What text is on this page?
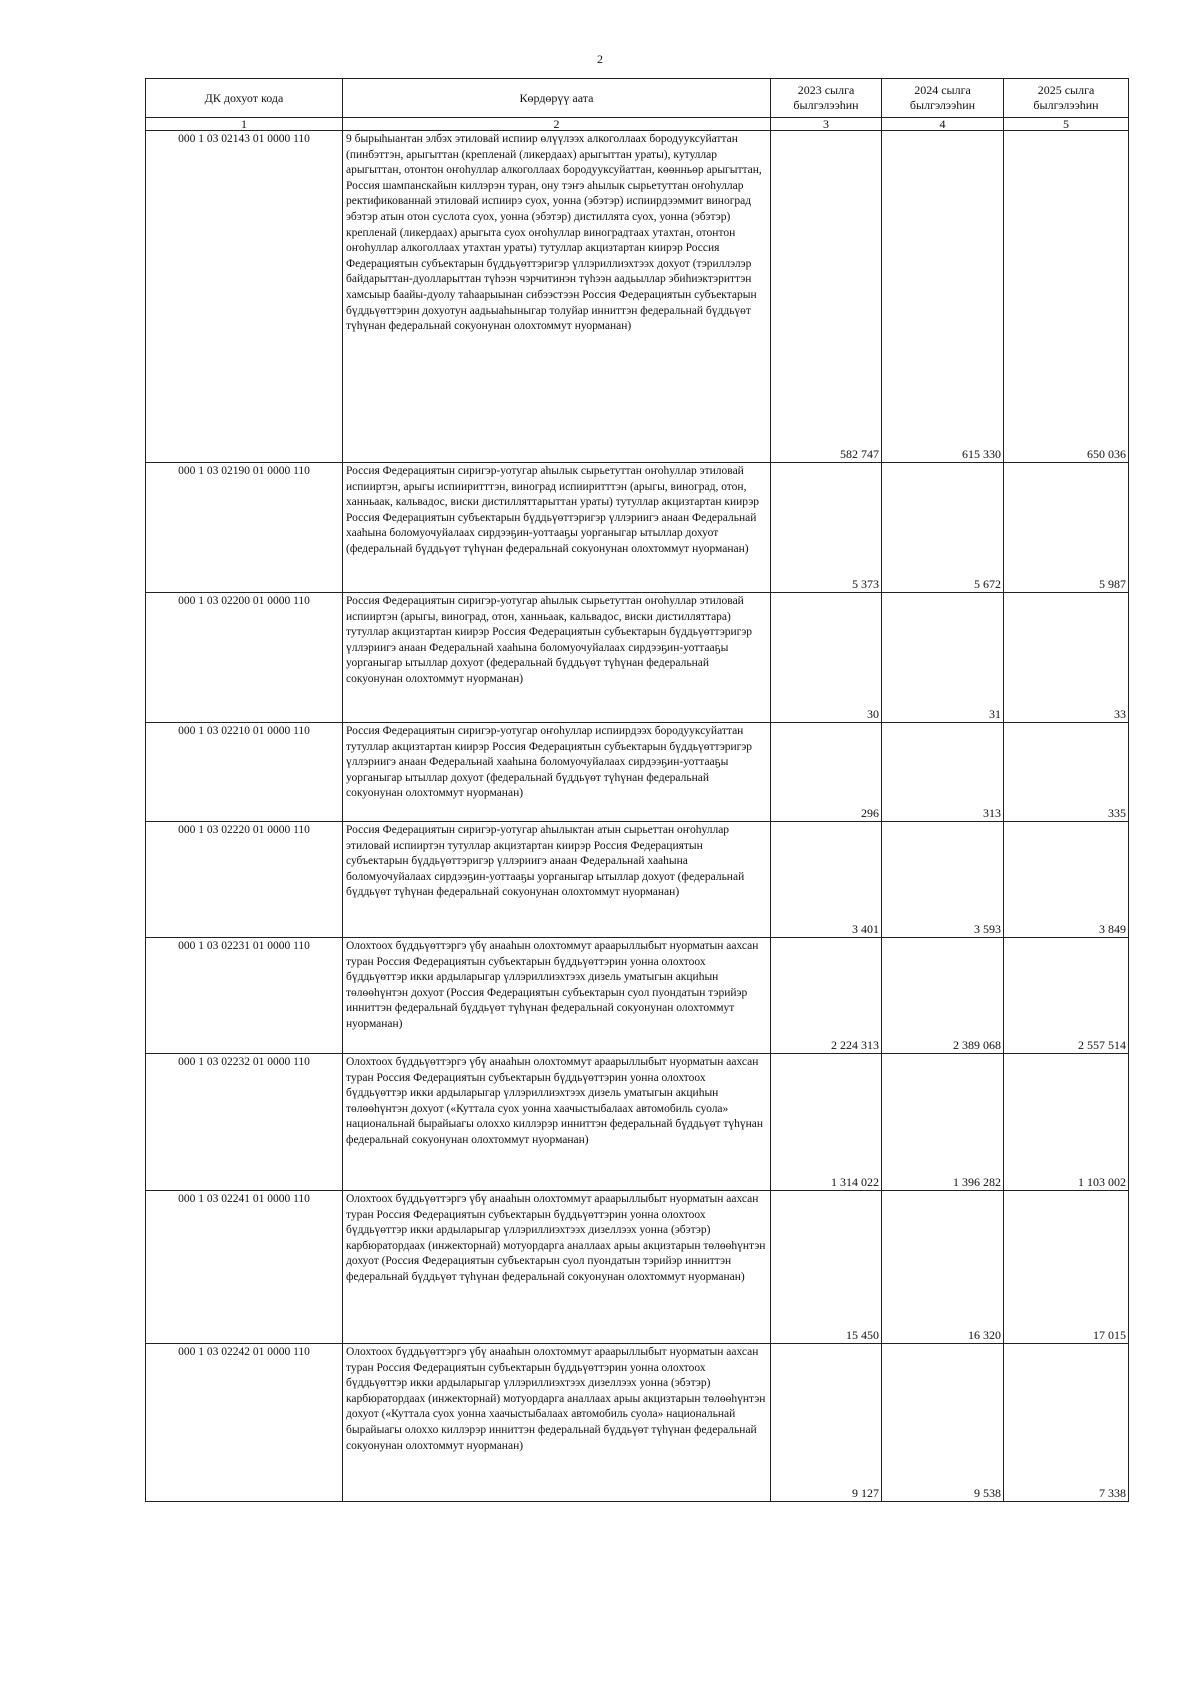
2
ДК дохуот кода	Көрдөрүү аата	2023 сылга былгэлээһин	2024 сылга былгэлээһин	2025 сылга былгэлээһин
1	2	3	4	5
000 1 03 02143 01 0000 110	9 бырыһыантан элбэх этиловай испиир өлүүлээх алкоголлаах бородууксуйаттан (пинбэттэн, арыгыттан (крепленай (ликердаах) арыгыттан ураты), кутуллар арыгыттан, отонтон оҥоһуллар алкоголлаах бородууксуйаттан, көөнньөр арыгыттан, Россия шампанскайын киллэрэн туран, ону тэҥэ аһылык сырьетуттан оҥоһуллар ректификованнай этиловай испиирэ суох, уонна (эбэтэр) испиирдээммит виноград эбэтэр атын отон суслота суох, уонна (эбэтэр) дистиллята суох, уонна (эбэтэр) крепленай (ликердаах) арыгыта суох оҥоһуллар виноградтаах утахтан, отонтон оҥоһуллар алкоголлаах утахтан ураты) тутуллар акцизтартан киирэр Россия Федерациятын субъектарын бүддьүөттэригэр үллэриллиэхтээх дохуот (тэриллэлэр байдарыттан-дуолларыттан түһээн чэрчитинэн түһээн аадьыллар эбиһиэктэриттэн хамсыыр баайы-дуолу таһаарыынан сибээстээн Россия Федерациятын субъектарын бүддьүөттэрин дохуотун аадьыаһыныгар толуйар инниттэн федеральнай бүддьүөт түһүнан федеральнай сокуонунан олохтоммут нуорманан)	582 747	615 330	650 036
000 1 03 02190 01 0000 110	Россия Федерациятын сиригэр-уотугар аһылык сырьетуттан оҥоһуллар этиловай испииртэн, арыгы испииритттэн, виноград испииритттэн (арыгы, виноград, отон, ханньаак, кальвадос, виски дистилляттарыттан ураты) тутуллар акцизтартан киирэр Россия Федерациятын субъектарын бүддьүөттэригэр үллэриигэ анаан Федеральнай хааһына боломуочуйалаах сирдээҕин-уоттааҕы уорганыгар ытыллар дохуот (федеральнай бүддьүөт түһүнан федеральнай сокуонунан олохтоммут нуорманан)	5 373	5 672	5 987
000 1 03 02200 01 0000 110	Россия Федерациятын сиригэр-уотугар аһылык сырьетуттан оҥоһуллар этиловай испииртэн (арыгы, виноград, отон, ханньаак, кальвадос, виски дистилляттара) тутуллар акцизтартан киирэр Россия Федерациятын субъектарын бүддьүөттэригэр үллэриигэ анаан Федеральнай хааһына боломуочуйалаах сирдээҕин-уоттааҕы уорганыгар ытыллар дохуот (федеральнай бүддьүөт түһүнан федеральнай сокуонунан олохтоммут нуорманан)	30	31	33
000 1 03 02210 01 0000 110	Россия Федерациятын сиригэр-уотугар оҥоһуллар испиирдээх бородууксуйаттан тутуллар акцизтартан киирэр Россия Федерациятын субъектарын бүддьүөттэригэр үллэриигэ анаан Федеральнай хааһына боломуочуйалаах сирдээҕин-уоттааҕы уорганыгар ытыллар дохуот (федеральнай бүддьүөт түһүнан федеральнай сокуонунан олохтоммут нуорманан)	296	313	335
000 1 03 02220 01 0000 110	Россия Федерациятын сиригэр-уотугар аһылыктан атын сырьеттан оҥоһуллар этиловай испииртэн тутуллар акцизтартан киирэр Россия Федерациятын субъектарын бүддьүөттэригэр үллэриигэ анаан Федеральнай хааһына боломуочуйалаах сирдээҕин-уоттааҕы уорганыгар ытыллар дохуот (федеральнай бүддьүөт түһүнан федеральнай сокуонунан олохтоммут нуорманан)	3 401	3 593	3 849
000 1 03 02231 01 0000 110	Олохтоох бүддьүөттэргэ үбү анааһын олохтоммут араарыллыбыт нуорматын аахсан туран Россия Федерациятын субъектарын бүддьүөттэрин уонна олохтоох бүддьүөттэр икки ардыларыгар үллэриллиэхтээх дизель уматыгын акциһын төлөөһүнтэн дохуот (Россия Федерациятын субъектарын суол пуондатын тэрийэр инниттэн федеральнай бүддьүөт түһүнан федеральнай сокуонунан олохтоммут нуорманан)	2 224 313	2 389 068	2 557 514
000 1 03 02232 01 0000 110	Олохтоох бүддьүөттэргэ үбү анааһын олохтоммут араарыллыбыт нуорматын аахсан туран Россия Федерациятын субъектарын бүддьүөттэрин уонна олохтоох бүддьүөттэр икки ардыларыгар үллэриллиэхтээх дизель уматыгын акциһын төлөөһүнтэн дохуот («Куттала суох уонна хаачыстыбалаах автомобиль суола» национальнай бырайыагы олоххо киллэрэр инниттэн федеральнай бүддьүөт түһүнан федеральнай сокуонунан олохтоммут нуорманан)	1 314 022	1 396 282	1 103 002
000 1 03 02241 01 0000 110	Олохтоох бүддьүөттэргэ үбү анааһын олохтоммут араарыллыбыт нуорматын аахсан туран Россия Федерациятын субъектарын бүддьүөттэрин уонна олохтоох бүддьүөттэр икки ардыларыгар үллэриллиэхтээх дизеллээх уонна (эбэтэр) карбюратордаах (инжекторнай) мотуордарга аналлаах арыы акцизтарын төлөөһүнтэн дохуот (Россия Федерациятын субъектарын суол пуондатын тэрийэр инниттэн федеральнай бүддьүөт түһүнан федеральнай сокуонунан олохтоммут нуорманан)	15 450	16 320	17 015
000 1 03 02242 01 0000 110	Олохтоох бүддьүөттэргэ үбү анааһын олохтоммут араарыллыбыт нуорматын аахсан туран Россия Федерациятын субъектарын бүддьүөттэрин уонна олохтоох бүддьүөттэр икки ардыларыгар үллэриллиэхтээх дизеллээх уонна (эбэтэр) карбюратордаах (инжекторнай) мотуордарга аналлаах арыы акцизтарын төлөөһүнтэн дохуот («Куттала суох уонна хаачыстыбалаах автомобиль суола» национальнай бырайыагы олоххо киллэрэр инниттэн федеральнай бүддьүөт түһүнан федеральнай сокуонунан олохтоммут нуорманан)	9 127	9 538	7 338
